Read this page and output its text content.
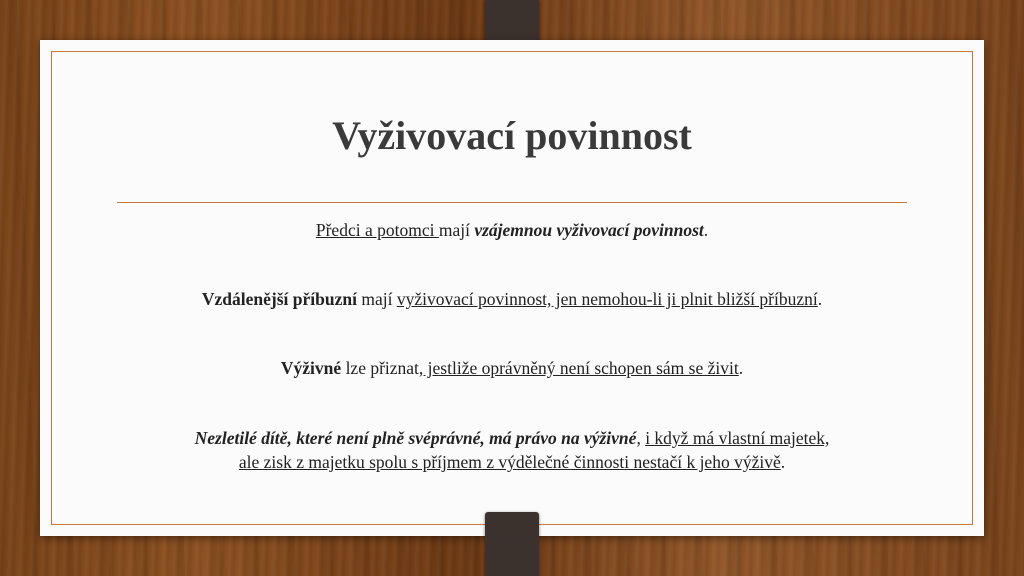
Vyživovací povinnost

Předci a potomci mají vzájemnou vyživovací povinnost.

Vzdálenější příbuzní mají vyživovací povinnost, jen nemohou-li ji plnit bližší příbuzní.

Výživné lze přiznat, jestliže oprávněný není schopen sám se živit.

Nezletilé dítě, které není plně svéprávné, má právo na výživné, i když má vlastní majetek,
ale zisk z majetku spolu s příjmem z výdělečné činnosti nestačí k jeho výživě.
